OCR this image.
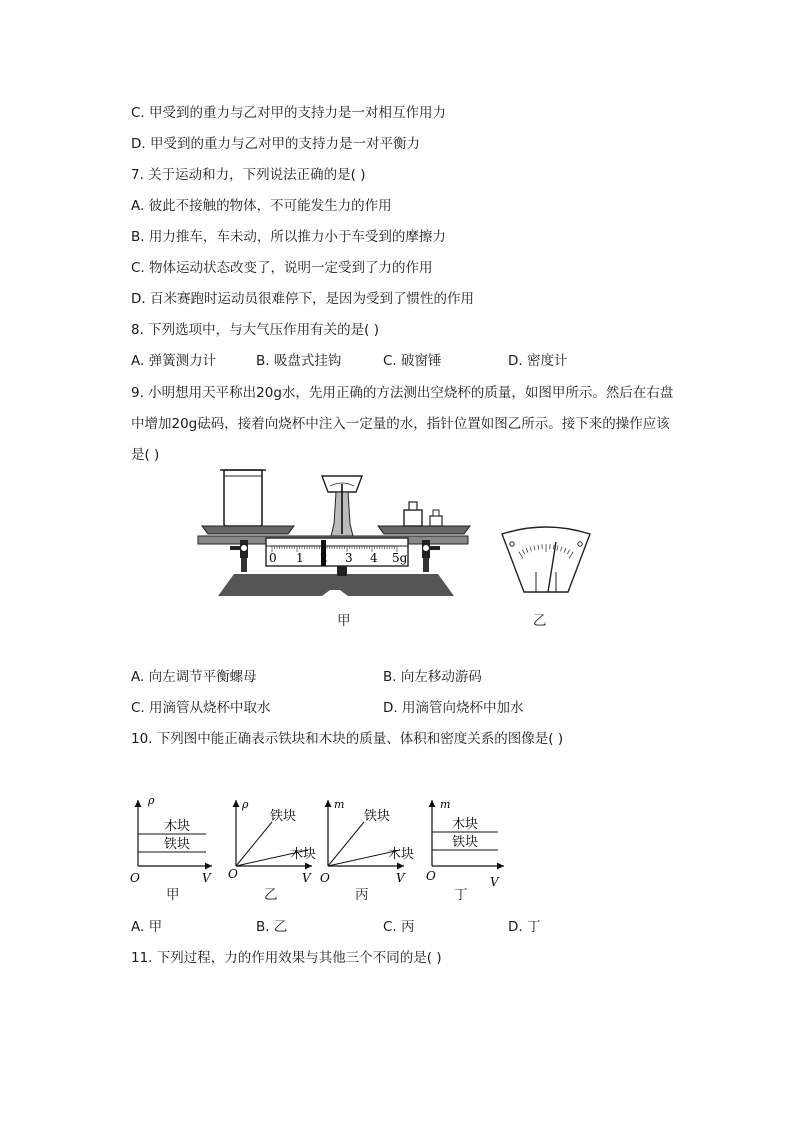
C. 甲受到的重力与乙对甲的支持力是一对相互作用力
D. 甲受到的重力与乙对甲的支持力是一对平衡力
7. 关于运动和力，下列说法正确的是( )
A. 彼此不接触的物体，不可能发生力的作用
B. 用力推车，车未动，所以推力小于车受到的摩擦力
C. 物体运动状态改变了，说明一定受到了力的作用
D. 百米赛跑时运动员很难停下，是因为受到了惯性的作用
8. 下列选项中，与大气压作用有关的是( )
A. 弹簧测力计	B. 吸盘式挂钩	C. 破窗锤	D. 密度计
9. 小明想用天平称出20g水，先用正确的方法测出空烧杯的质量，如图甲所示。然后在右盘
中增加20g砝码，接着向烧杯中注入一定量的水，指针位置如图乙所示。接下来的操作应该
是( )
0 1 2 3 4 5g
甲	乙
A. 向左调节平衡螺母	B. 向左移动游码
C. 用滴管从烧杯中取水	D. 用滴管向烧杯中加水
10. 下列图中能正确表示铁块和木块的质量、体积和密度关系的图像是( )
ρ
木块
铁块
O	V
ρ
铁块
木块
O	V
m
铁块
木块
O	V
m
木块
铁块
O	V
甲	乙	丙	丁
A. 甲	B. 乙	C. 丙	D. 丁
11. 下列过程，力的作用效果与其他三个不同的是( )
